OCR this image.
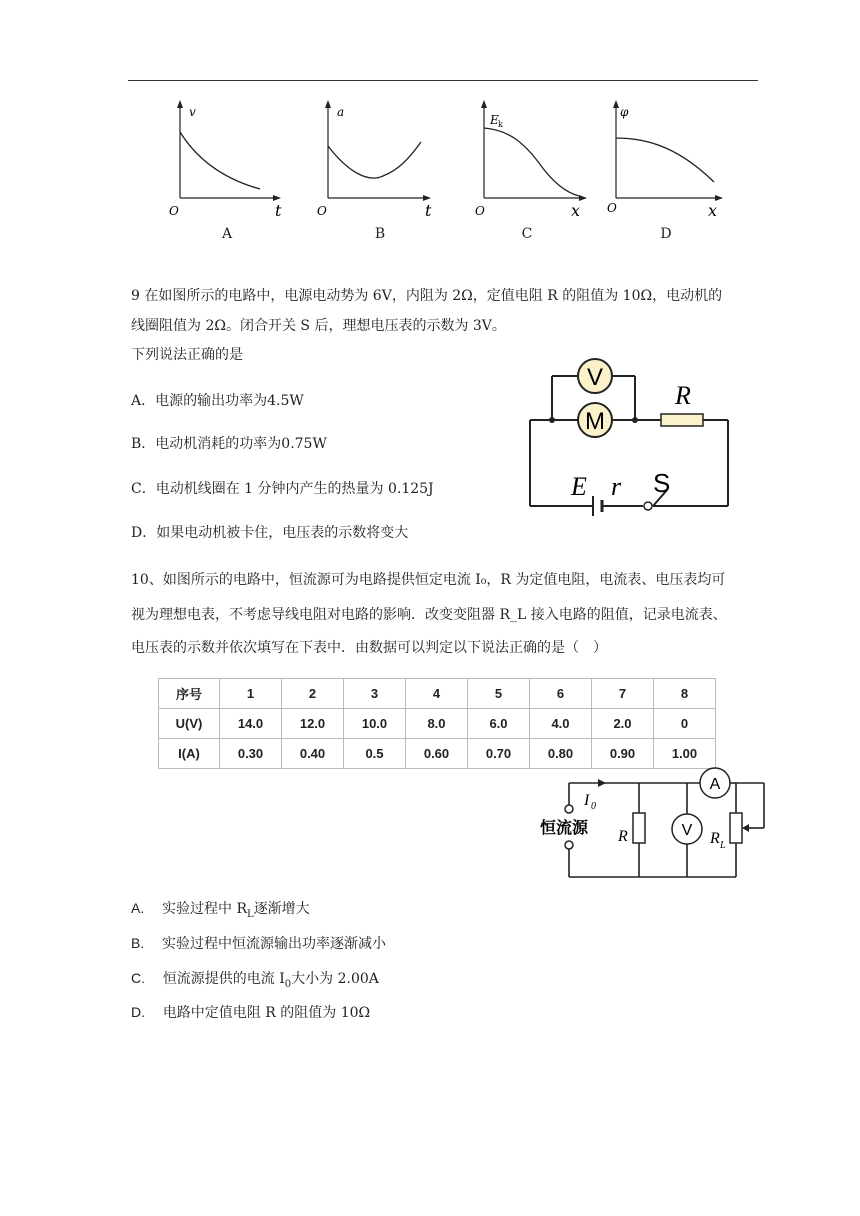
v
t
O
A
a
t
O
B
E k
x
O
C
φ
x
O
D
9 在如图所示的电路中，电源电动势为 6V，内阻为 2Ω，定值电阻 R 的阻值为 10Ω，电动机的
线圈阻值为 2Ω。闭合开关 S 后，理想电压表的示数为 3V。
下列说法正确的是
A．电源的输出功率为4.5W
B．电动机消耗的功率为0.75W
C．电动机线圈在 1 分钟内产生的热量为 0.125J
D．如果电动机被卡住，电压表的示数将变大
V
M
R
E r S
10、如图所示的电路中，恒流源可为电路提供恒定电流 I₀，R 为定值电阻，电流表、电压表均可
视为理想电表，不考虑导线电阻对电路的影响．改变变阻器 R_L 接入电路的阻值，记录电流表、
电压表的示数并依次填写在下表中．由数据可以判定以下说法正确的是（　）
序号	1	2	3	4	5	6	7	8
U(V)	14.0	12.0	10.0	8.0	6.0	4.0	2.0	0
I(A)	0.30	0.40	0.5	0.60	0.70	0.80	0.90	1.00
恒流源
I 0
R	V
A
R L
A. 实验过程中 $R_L$逐渐增大
B. 实验过程中恒流源输出功率逐渐减小
C. 恒流源提供的电流 $I_0$大小为 2.00A
D. 电路中定值电阻 R 的阻值为 10Ω
